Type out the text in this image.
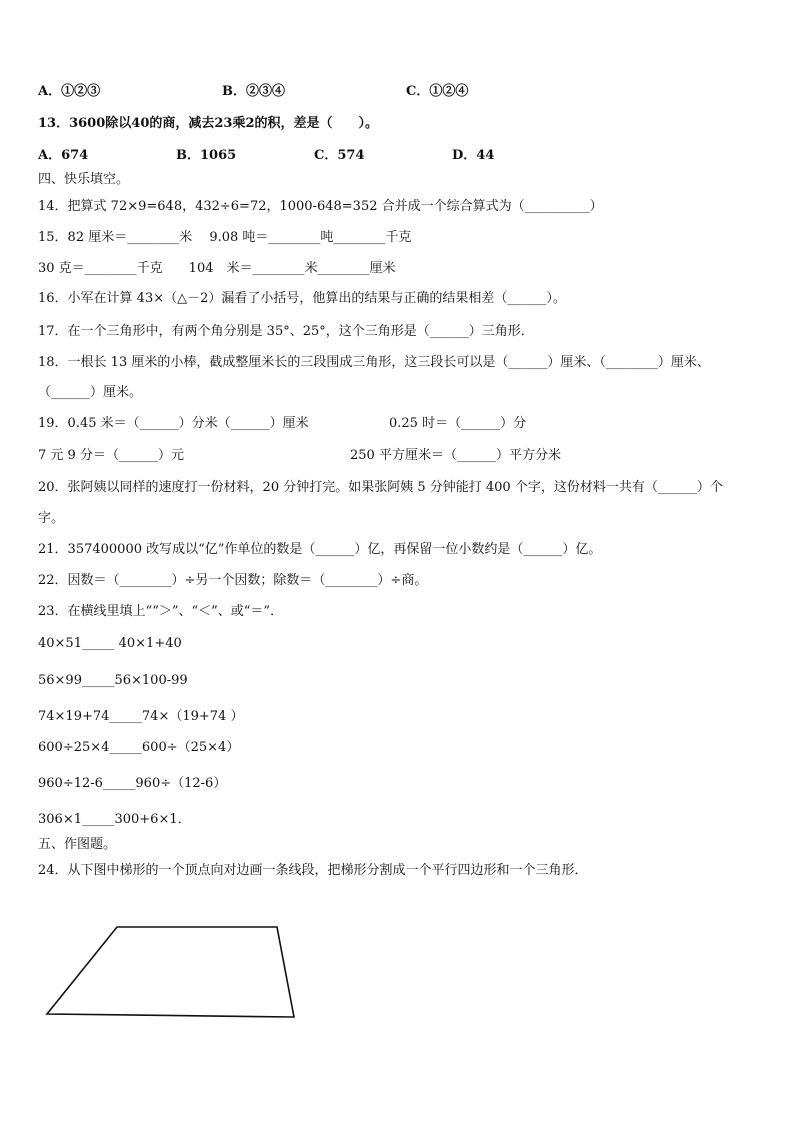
A．①②③	B．②③④	C．①②④
13．3600除以40的商，减去23乘2的积，差是（　　）。
A．674	B．1065	C．574	D．44
四、快乐填空。
14．把算式 72×9=648，432÷6=72，1000-648=352 合并成一个综合算式为（__________）
15．82 厘米＝________米　 9.08 吨＝________吨________千克
30 克＝________千克　　104　米＝________米________厘米
16．小军在计算 43×（△－2）漏看了小括号，他算出的结果与正确的结果相差（______）。
17．在一个三角形中，有两个角分别是 35°、25°，这个三角形是（______）三角形．
18．一根长 13 厘米的小棒，截成整厘米长的三段围成三角形，这三段长可以是（______）厘米、（________）厘米、
（______）厘米。
19．0.45 米＝（______）分米（______）厘米	0.25 时＝（______）分
7 元 9 分＝（______）元	250 平方厘米＝（______）平方分米
20．张阿姨以同样的速度打一份材料，20 分钟打完。如果张阿姨 5 分钟能打 400 个字，这份材料一共有（______）个
字。
21．357400000 改写成以“亿”作单位的数是（______）亿，再保留一位小数约是（______）亿。
22．因数＝（________）÷另一个因数；除数＝（________）÷商。
23．在横线里填上““＞”、“＜”、或“＝”．
40×51_____ 40×1+40
56×99_____56×100-99
74×19+74_____74×（19+74 ）
600÷25×4_____600÷（25×4）
960÷12-6_____960÷（12-6）
306×1_____300+6×1．
五、作图题。
24．从下图中梯形的一个顶点向对边画一条线段，把梯形分割成一个平行四边形和一个三角形．
